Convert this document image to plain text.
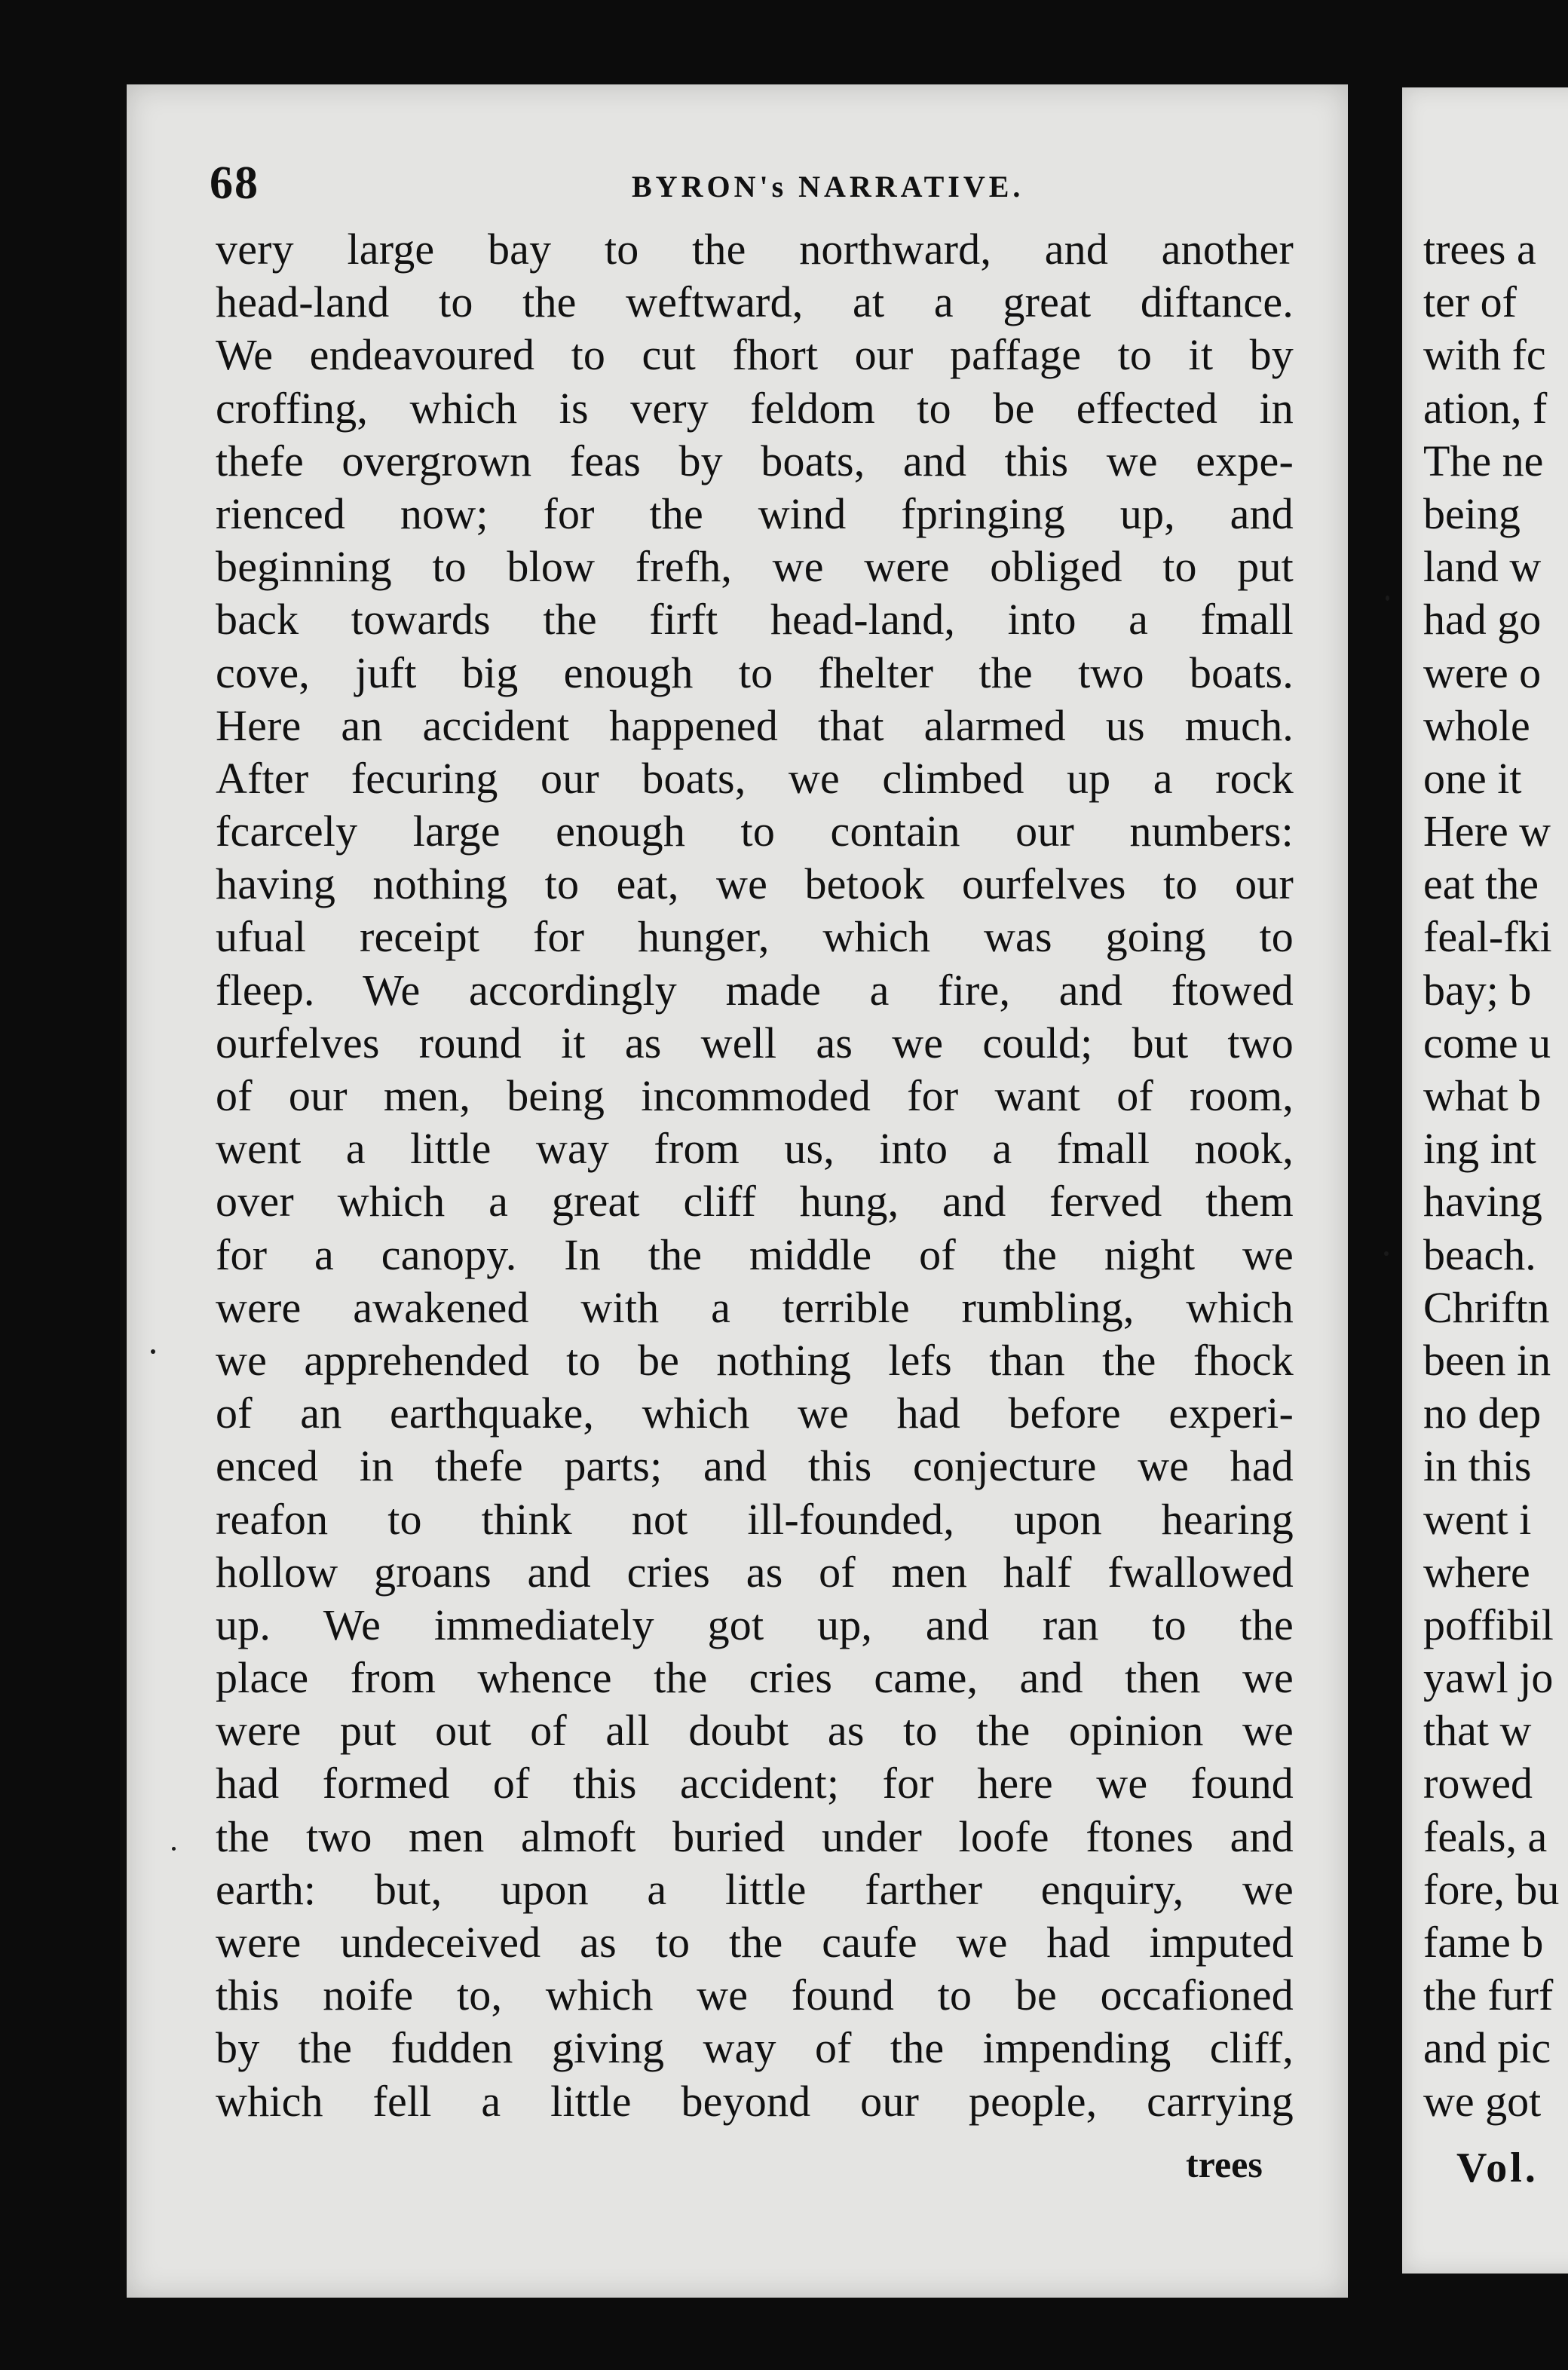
68	BYRON's NARRATIVE.
very large bay to the northward, and another
head-land to the weftward, at a great diftance.
We endeavoured to cut fhort our paffage to it by
croffing, which is very feldom to be effected in
thefe overgrown feas by boats, and this we expe-
rienced now; for the wind fpringing up, and
beginning to blow frefh, we were obliged to put
back towards the firft head-land, into a fmall
cove, juft big enough to fhelter the two boats.
Here an accident happened that alarmed us much.
After fecuring our boats, we climbed up a rock
fcarcely large enough to contain our numbers:
having nothing to eat, we betook ourfelves to our
ufual receipt for hunger, which was going to
fleep. We accordingly made a fire, and ftowed
ourfelves round it as well as we could; but two
of our men, being incommoded for want of room,
went a little way from us, into a fmall nook,
over which a great cliff hung, and ferved them
for a canopy. In the middle of the night we
were awakened with a terrible rumbling, which
we apprehended to be nothing lefs than the fhock
of an earthquake, which we had before experi-
enced in thefe parts; and this conjecture we had
reafon to think not ill-founded, upon hearing
hollow groans and cries as of men half fwallowed
up. We immediately got up, and ran to the
place from whence the cries came, and then we
were put out of all doubt as to the opinion we
had formed of this accident; for here we found
the two men almoft buried under loofe ftones and
earth: but, upon a little farther enquiry, we
were undeceived as to the caufe we had imputed
this noife to, which we found to be occafioned
by the fudden giving way of the impending cliff,
which fell a little beyond our people, carrying
trees
trees a
ter of
with fc
ation, f
The ne
being
land w
had go
were o
whole
one it
Here w
eat the
feal-fki
bay; b
come u
what b
ing int
having
beach.
Chriftn
been in
no dep
in this
went i
where
poffibil
yawl jo
that w
rowed
feals, a
fore, bu
fame b
the furf
and pic
we got
Vol.
